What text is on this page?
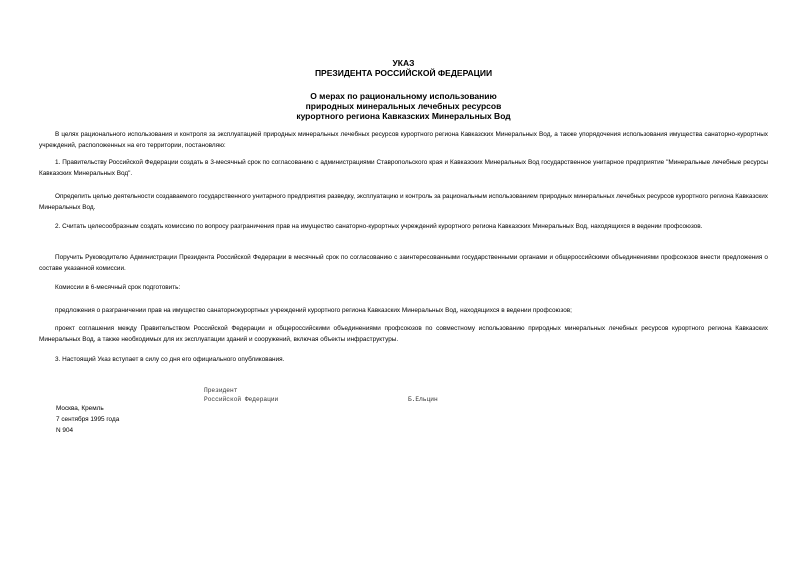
УКАЗ
ПРЕЗИДЕНТА РОССИЙСКОЙ ФЕДЕРАЦИИ
О мерах по рациональному использованию
природных минеральных лечебных ресурсов
курортного региона Кавказских Минеральных Вод
В целях рационального использования и контроля за эксплуатацией природных минеральных лечебных ресурсов курортного региона Кавказских Минеральных Вод, а также упорядочения использования имущества санаторно-курортных учреждений, расположенных на его территории, постановляю:
1. Правительству Российской Федерации создать в 3-месячный срок по согласованию с администрациями Ставропольского края и Кавказских Минеральных Вод государственное унитарное предприятие "Минеральные лечебные ресурсы Кавказских Минеральных Вод".
Определить целью деятельности создаваемого государственного унитарного предприятия разведку, эксплуатацию и контроль за рациональным использованием природных минеральных лечебных ресурсов курортного региона Кавказских Минеральных Вод.
2. Считать целесообразным создать комиссию по вопросу разграничения прав на имущество санаторно-курортных учреждений курортного региона Кавказских Минеральных Вод, находящихся в ведении профсоюзов.
Поручить Руководителю Администрации Президента Российской Федерации в месячный срок по согласованию с заинтересованными государственными органами и общероссийскими объединениями профсоюзов внести предложения о составе указанной комиссии.
Комиссии в 6-месячный срок подготовить:
предложения о разграничении прав на имущество санаторнокурортных учреждений курортного региона Кавказских Минеральных Вод, находящихся в ведении профсоюзов;
проект соглашения между Правительством Российской Федерации и общероссийскими объединениями профсоюзов по совместному использованию природных минеральных лечебных ресурсов курортного региона Кавказских Минеральных Вод, а также необходимых для их эксплуатации зданий и сооружений, включая объекты инфраструктуры.
3. Настоящий Указ вступает в силу со дня его официального опубликования.
Президент
Российской Федерации	Б.Ельцин
Москва, Кремль
7 сентября 1995 года
N 904
